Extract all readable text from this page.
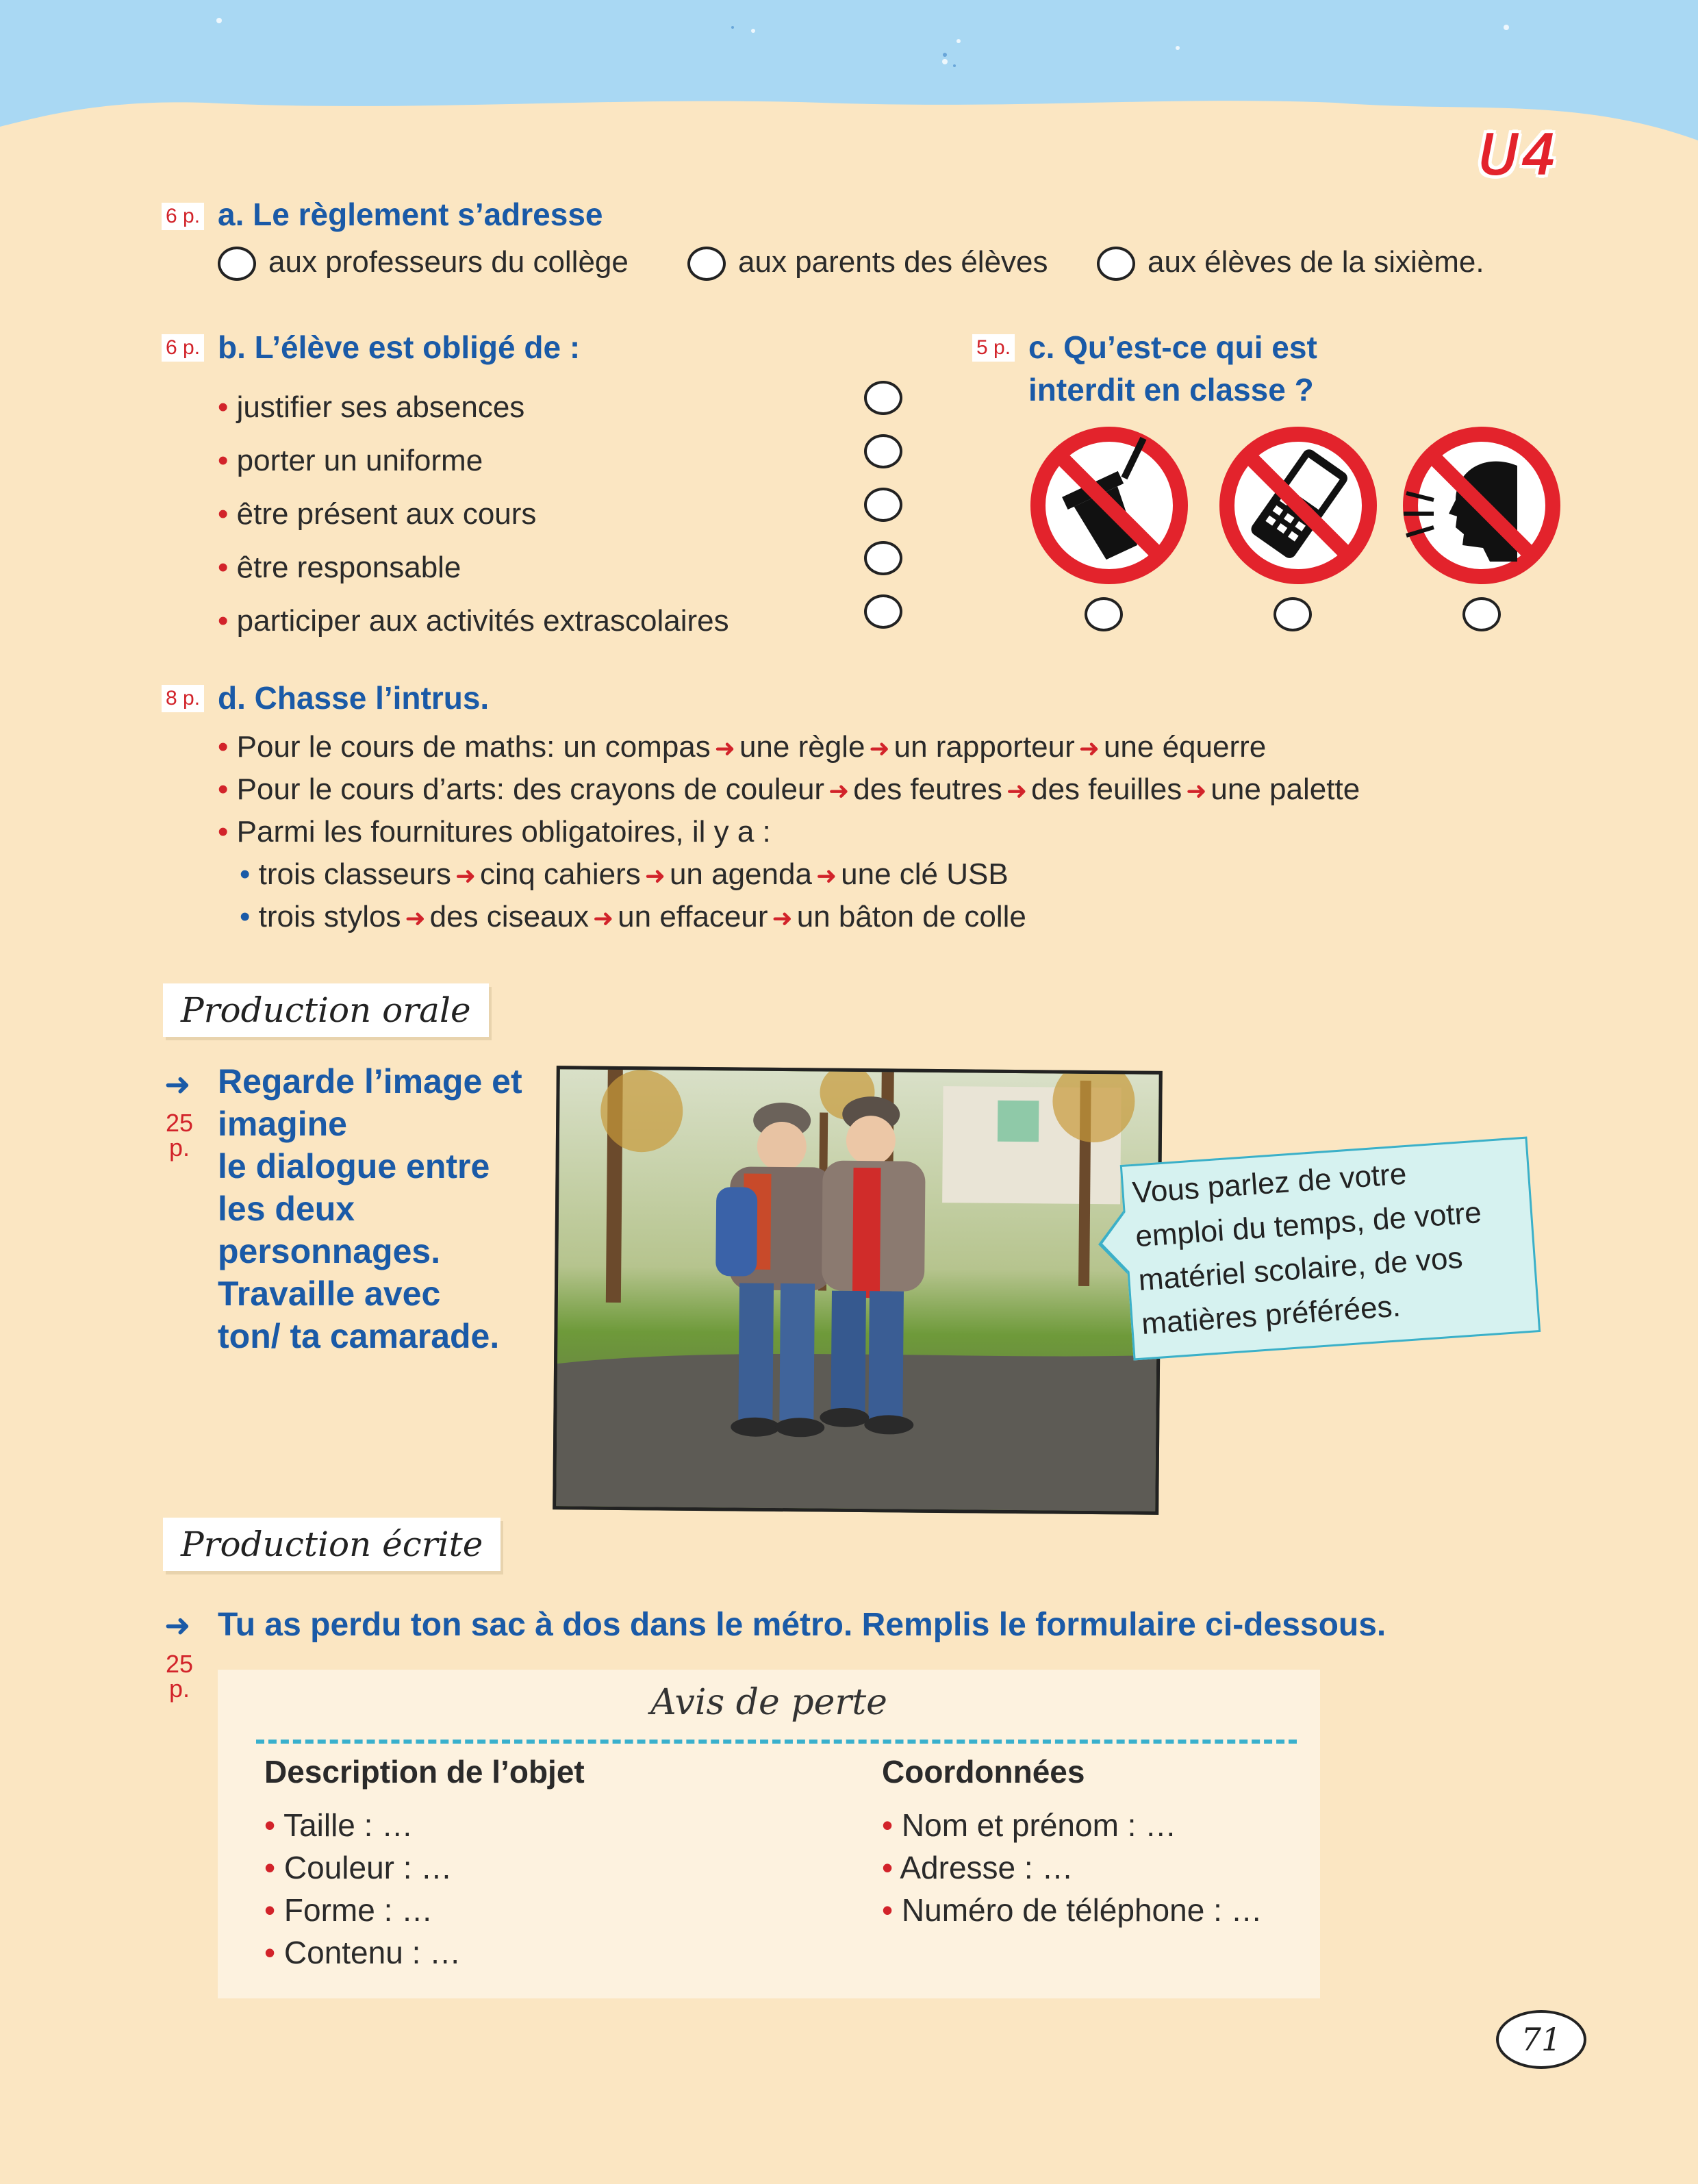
U4
6 p. a. Le règlement s’adresse
aux professeurs du collège	aux parents des élèves	aux élèves de la sixième.
6 p. b. L’élève est obligé de :
• justifier ses absences
• porter un uniforme
• être présent aux cours
• être responsable
• participer aux activités extrascolaires
5 p. c. Qu’est-ce qui est
interdit en classe ?
8 p. d. Chasse l’intrus.
• Pour le cours de maths: un compas ➜ une règle ➜ un rapporteur ➜ une équerre
• Pour le cours d’arts: des crayons de couleur ➜ des feutres ➜ des feuilles ➜ une palette
• Parmi les fournitures obligatoires, il y a :
• trois classeurs ➜ cinq cahiers ➜ un agenda ➜ une clé USB
• trois stylos ➜ des ciseaux ➜ un effaceur ➜ un bâton de colle
Production orale
➜
25
p.
Regarde l’image et
imagine
le dialogue entre
les deux
personnages.
Travaille avec
ton/ ta camarade.
Vous parlez de votre
emploi du temps, de votre
matériel scolaire, de vos
matières préférées.
Production écrite
➜
25
p.
Tu as perdu ton sac à dos dans le métro. Remplis le formulaire ci-dessous.
Avis de perte
Description de l’objet
• Taille : …
• Couleur : …
• Forme : …
• Contenu : …
Coordonnées
• Nom et prénom : …
• Adresse : …
• Numéro de téléphone : …
71
